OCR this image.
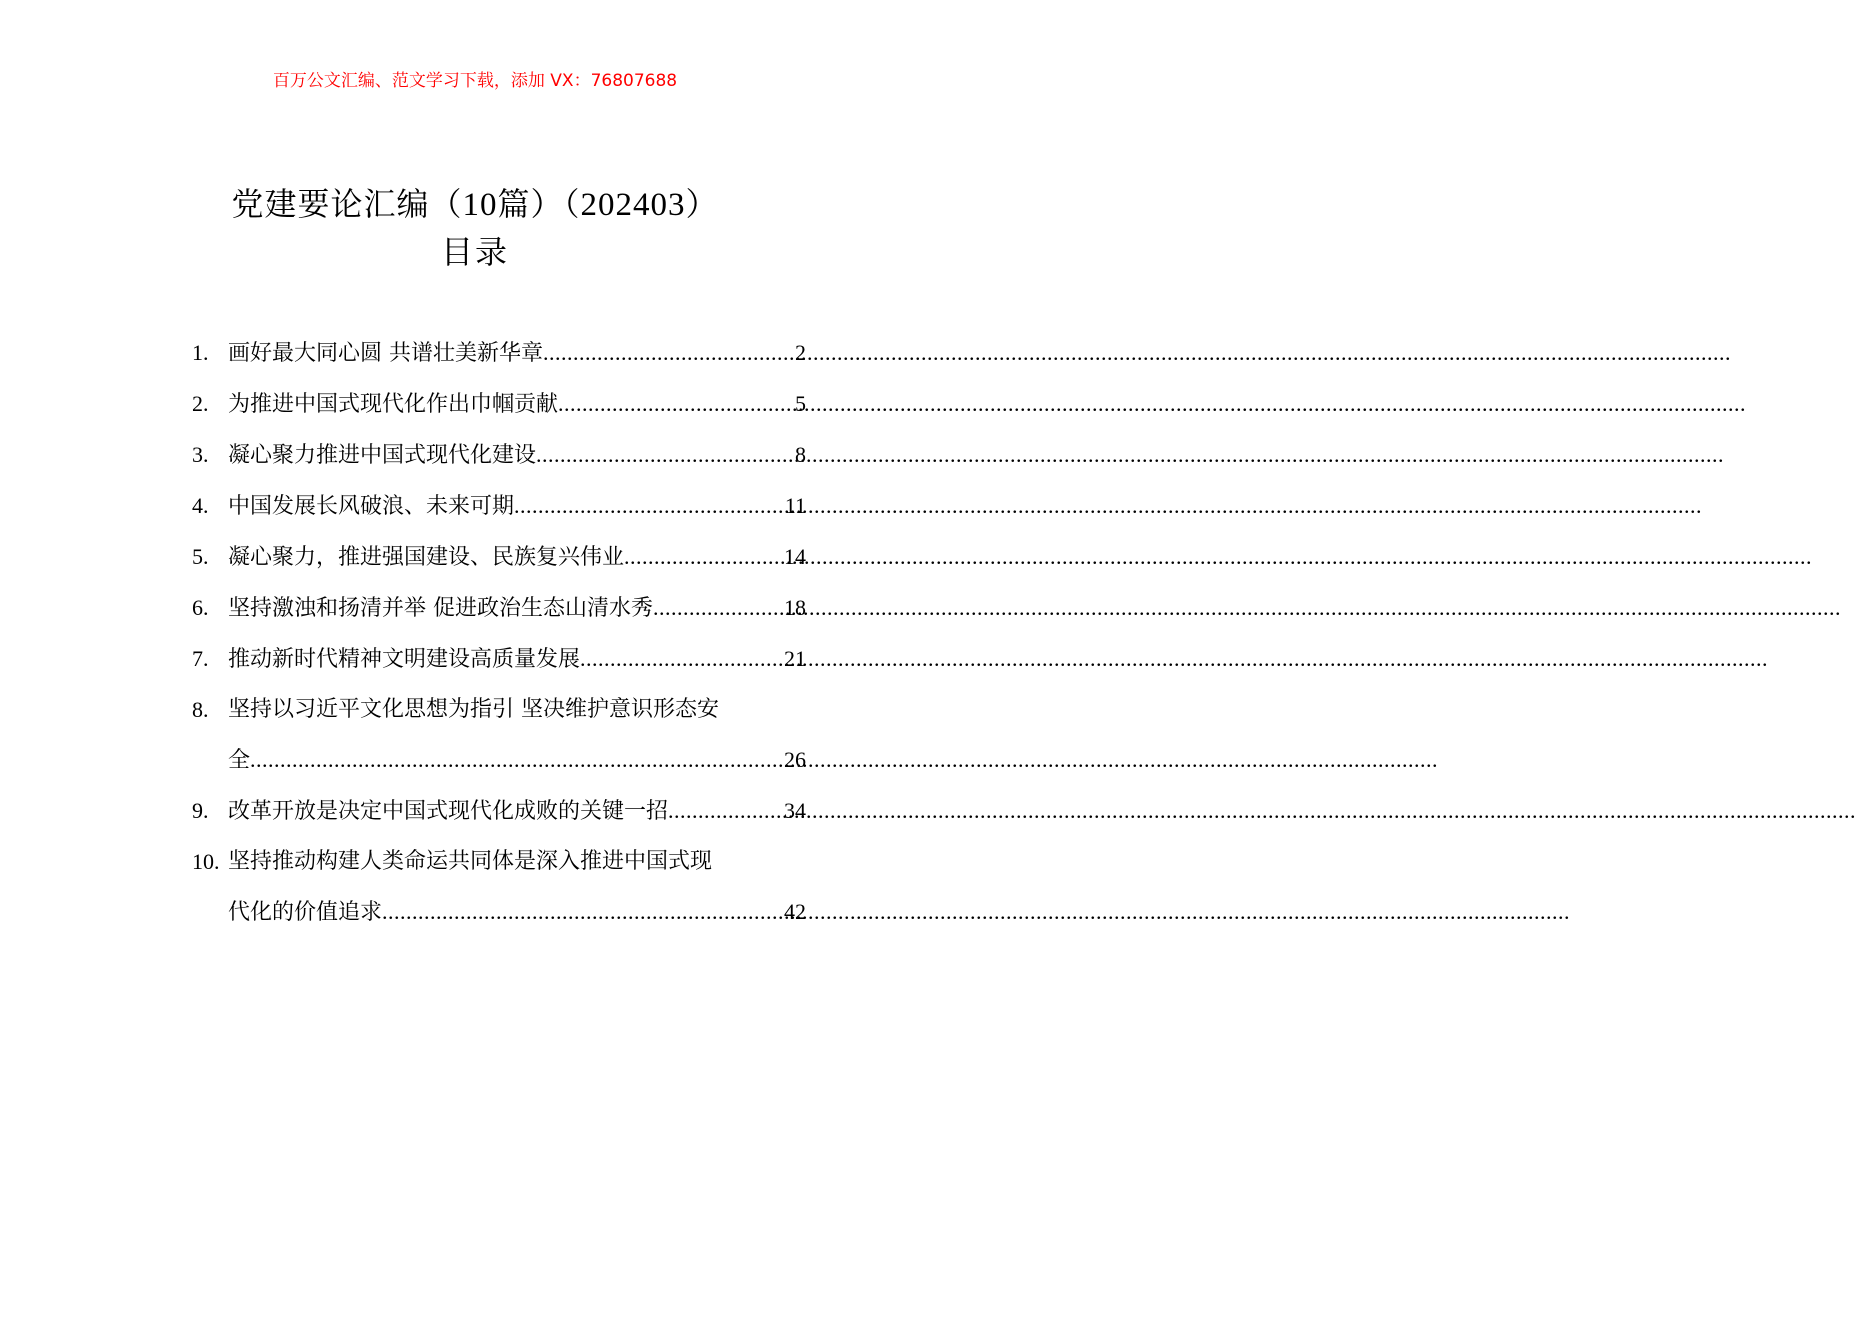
百万公文汇编、范文学习下载，添加 VX：76807688
党建要论汇编（10篇）（202403）
目录
1. 画好最大同心圆 共谱壮美新华章 .....	2
2. 为推进中国式现代化作出巾帼贡献 .....	5
3. 凝心聚力推进中国式现代化建设 .....	8
4. 中国发展长风破浪、未来可期 .....	11
5. 凝心聚力，推进强国建设、民族复兴伟业 .....	14
6. 坚持激浊和扬清并举 促进政治生态山清水秀 .....	18
7. 推动新时代精神文明建设高质量发展 .....	21
8. 坚持以习近平文化思想为指引 坚决维护意识形态安
全 .....	26
9. 改革开放是决定中国式现代化成败的关键一招 .....	34
10. 坚持推动构建人类命运共同体是深入推进中国式现
代化的价值追求 .....	42
